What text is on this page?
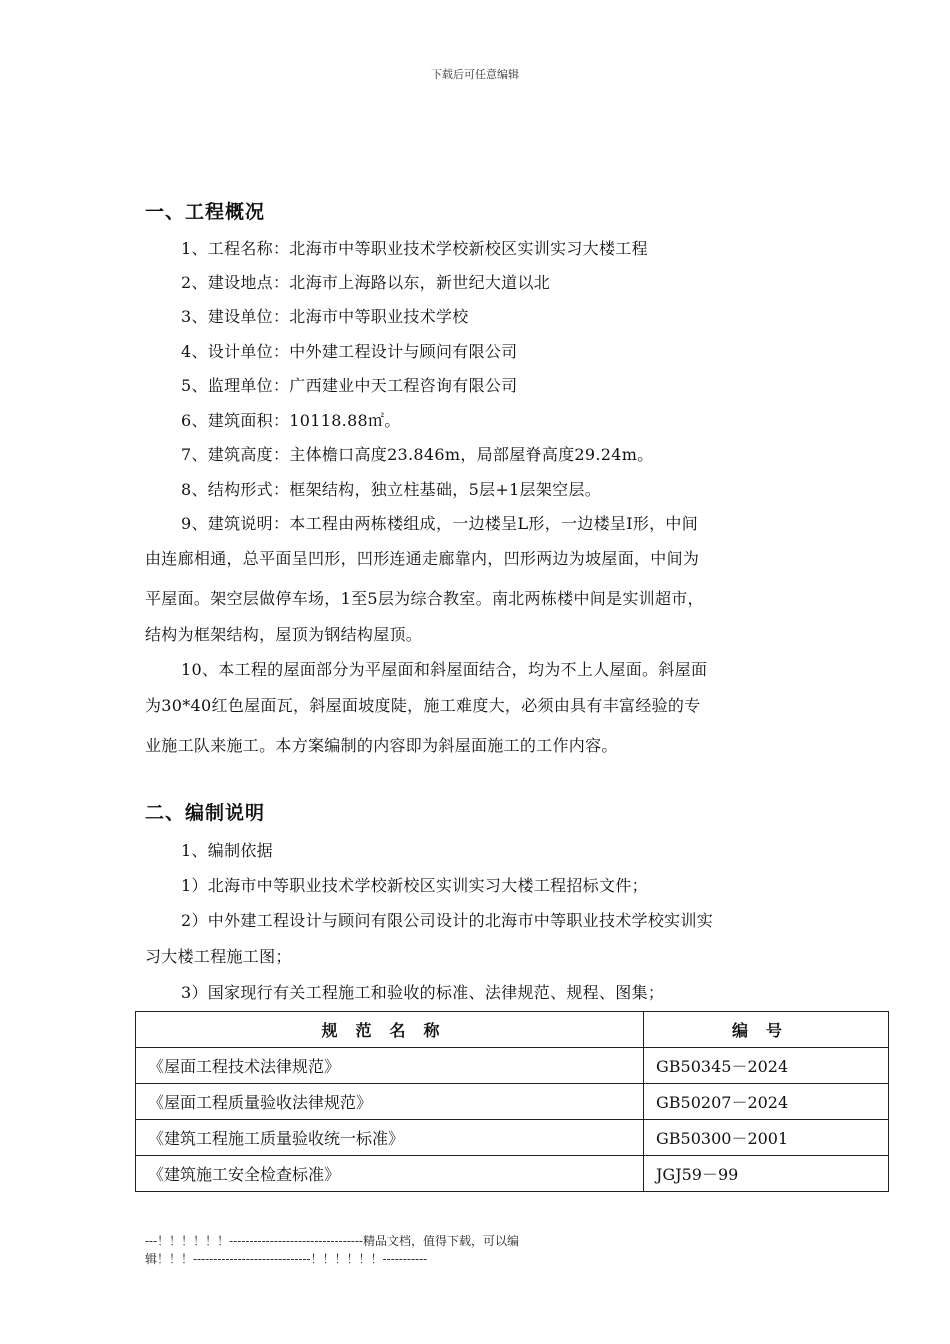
下载后可任意编辑
一、工程概况
1、工程名称：北海市中等职业技术学校新校区实训实习大楼工程
2、建设地点：北海市上海路以东，新世纪大道以北
3、建设单位：北海市中等职业技术学校
4、设计单位：中外建工程设计与顾问有限公司
5、监理单位：广西建业中天工程咨询有限公司
6、建筑面积：10118.88㎡。
7、建筑高度：主体檐口高度23.846m，局部屋脊高度29.24m。
8、结构形式：框架结构，独立柱基础，5层+1层架空层。
9、建筑说明：本工程由两栋楼组成，一边楼呈L形，一边楼呈I形，中间
由连廊相通，总平面呈凹形，凹形连通走廊靠内，凹形两边为坡屋面，中间为
平屋面。架空层做停车场，1至5层为综合教室。南北两栋楼中间是实训超市，
结构为框架结构，屋顶为钢结构屋顶。
10、本工程的屋面部分为平屋面和斜屋面结合，均为不上人屋面。斜屋面
为30*40红色屋面瓦，斜屋面坡度陡，施工难度大，必须由具有丰富经验的专
业施工队来施工。本方案编制的内容即为斜屋面施工的工作内容。
二、编制说明
1、编制依据
1）北海市中等职业技术学校新校区实训实习大楼工程招标文件；
2）中外建工程设计与顾问有限公司设计的北海市中等职业技术学校实训实
习大楼工程施工图；
3）国家现行有关工程施工和验收的标准、法律规范、规程、图集；
规范名称	编号
《屋面工程技术法律规范》	GB50345－2024
《屋面工程质量验收法律规范》	GB50207－2024
《建筑工程施工质量验收统一标准》	GB50300－2001
《建筑施工安全检查标准》	JGJ59－99
---！！！！！！---------------------------------精品文档，值得下载，可以编
辑！！！-----------------------------！！！！！！-----------
